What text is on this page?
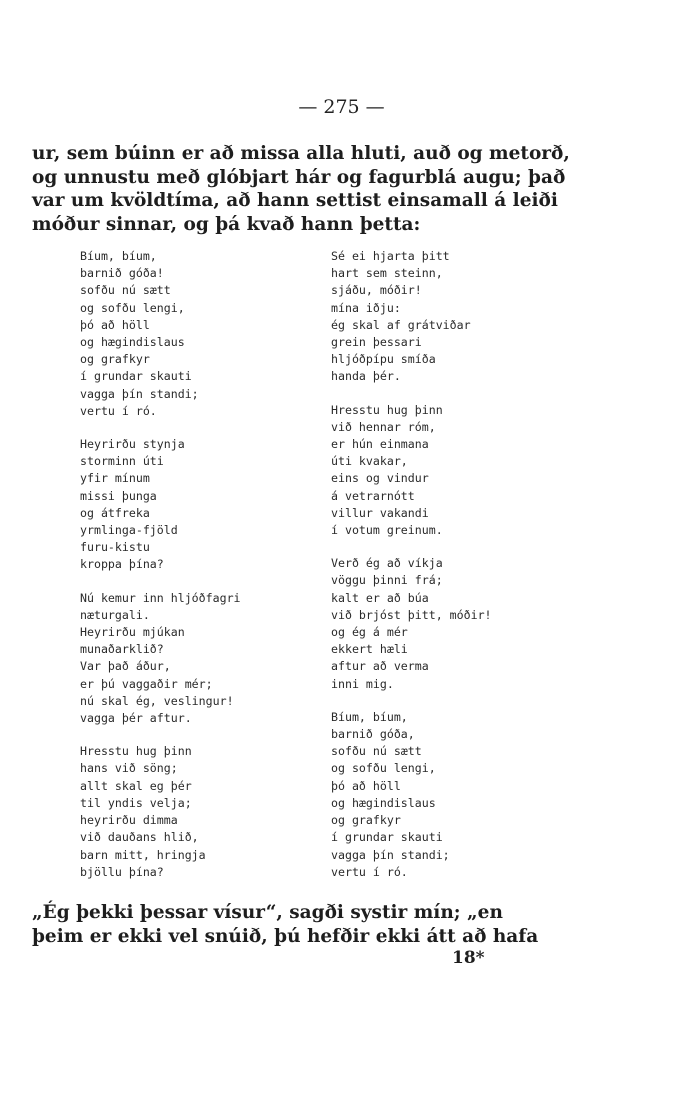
— 275 —
ur, sem búinn er að missa alla hluti, auð og metorð,
og unnustu með glóbjart hár og fagurblá augu; það
var um kvöldtíma, að hann settist einsamall á leiði
móður sinnar, og þá kvað hann þetta:
Bíum, bíum,
barnið góða!
sofðu nú sætt
og sofðu lengi,
þó að höll
og hægindislaus
og grafkyr
í grundar skauti
vagga þín standi;
vertu í ró.
Heyrirðu stynja
storminn úti
yfir mínum
missi þunga
og átfreka
yrmlinga-fjöld
furu-kistu
kroppa þína?
Nú kemur inn hljóðfagri
næturgali.
Heyrirðu mjúkan
munaðarklið?
Var það áður,
er þú vaggaðir mér;
nú skal ég, veslingur!
vagga þér aftur.
Hresstu hug þinn
hans við söng;
allt skal eg þér
til yndis velja;
heyrirðu dimma
við dauðans hlið,
barn mitt, hringja
bjöllu þína?
Sé ei hjarta þitt
hart sem steinn,
sjáðu, móðir!
mína iðju:
ég skal af grátviðar
grein þessari
hljóðpípu smíða
handa þér.
Hresstu hug þinn
við hennar róm,
er hún einmana
úti kvakar,
eins og vindur
á vetrarnótt
villur vakandi
í votum greinum.
Verð ég að víkja
vöggu þinni frá;
kalt er að búa
við brjóst þitt, móðir!
og ég á mér
ekkert hæli
aftur að verma
inni mig.
Bíum, bíum,
barnið góða,
sofðu nú sætt
og sofðu lengi,
þó að höll
og hægindislaus
og grafkyr
í grundar skauti
vagga þín standi;
vertu í ró.
„Ég þekki þessar vísur“, sagði systir mín; „en
þeim er ekki vel snúið, þú hefðir ekki átt að hafa
18*
